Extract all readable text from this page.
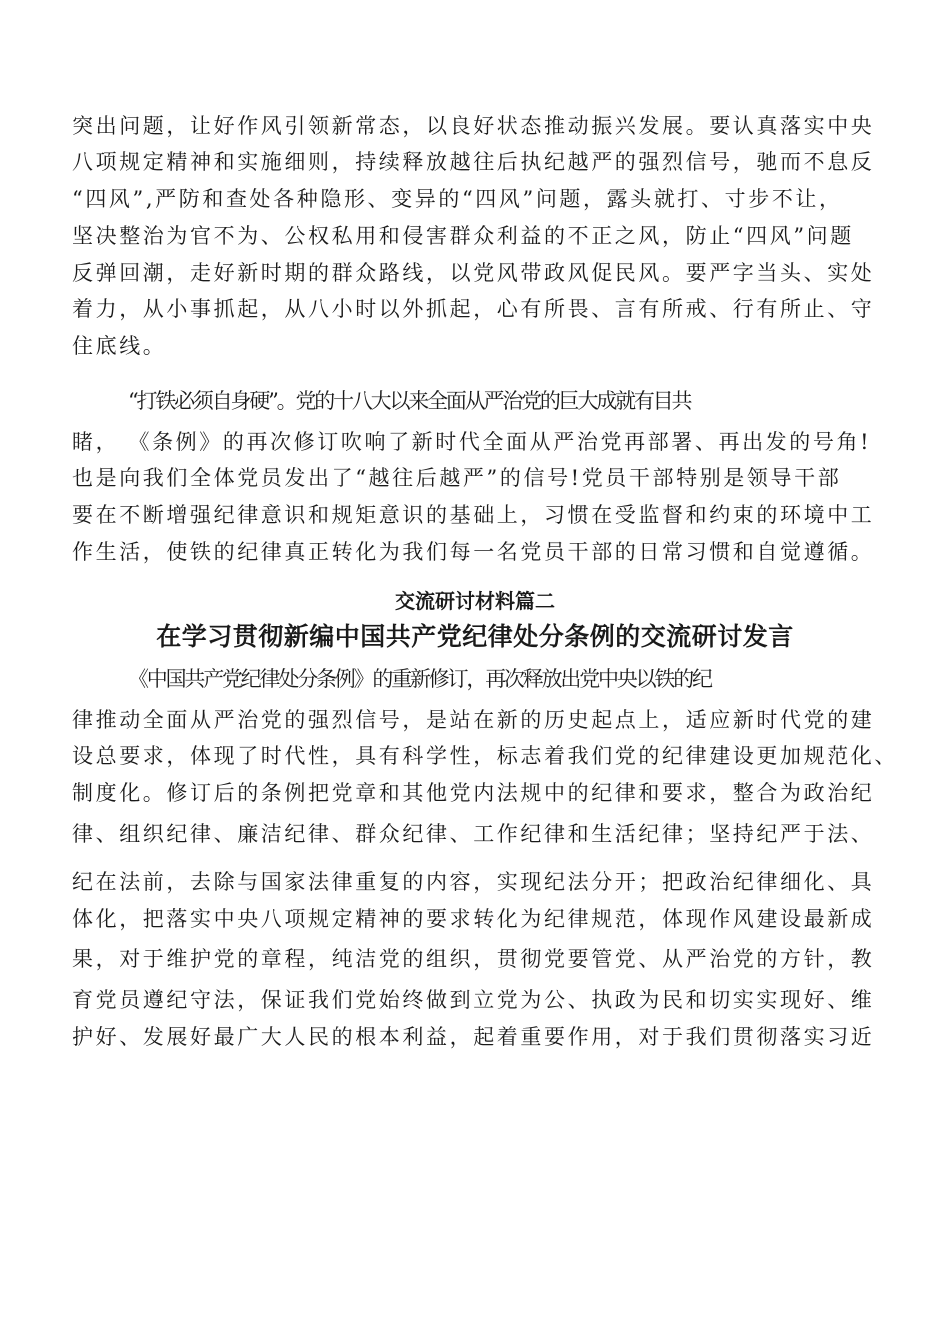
突出问题，让好作风引领新常态，以良好状态推动振兴发展。要认真落实中央
八项规定精神和实施细则，持续释放越往后执纪越严的强烈信号，驰而不息反
“四风”,严防和查处各种隐形、变异的“四风”问题，露头就打、寸步不让，
坚决整治为官不为、公权私用和侵害群众利益的不正之风，防止“四风”问题
反弹回潮，走好新时期的群众路线，以党风带政风促民风。要严字当头、实处
着力，从小事抓起，从八小时以外抓起，心有所畏、言有所戒、行有所止、守
住底线。
“打铁必须自身硬”。党的十八大以来全面从严治党的巨大成就有目共
睹， 《条例》的再次修订吹响了新时代全面从严治党再部署、再出发的号角!
也是向我们全体党员发出了“越往后越严”的信号!党员干部特别是领导干部
要在不断增强纪律意识和规矩意识的基础上，习惯在受监督和约束的环境中工
作生活，使铁的纪律真正转化为我们每一名党员干部的日常习惯和自觉遵循。
交流研讨材料篇二
在学习贯彻新编中国共产党纪律处分条例的交流研讨发言
《中国共产党纪律处分条例》的重新修订，再次释放出党中央以铁的纪
律推动全面从严治党的强烈信号，是站在新的历史起点上，适应新时代党的建
设总要求，体现了时代性，具有科学性，标志着我们党的纪律建设更加规范化、
制度化。修订后的条例把党章和其他党内法规中的纪律和要求，整合为政治纪
律、组织纪律、廉洁纪律、群众纪律、工作纪律和生活纪律；坚持纪严于法、
纪在法前，去除与国家法律重复的内容，实现纪法分开；把政治纪律细化、具
体化，把落实中央八项规定精神的要求转化为纪律规范，体现作风建设最新成
果，对于维护党的章程，纯洁党的组织，贯彻党要管党、从严治党的方针，教
育党员遵纪守法，保证我们党始终做到立党为公、执政为民和切实实现好、维
护好、发展好最广大人民的根本利益，起着重要作用，对于我们贯彻落实习近
